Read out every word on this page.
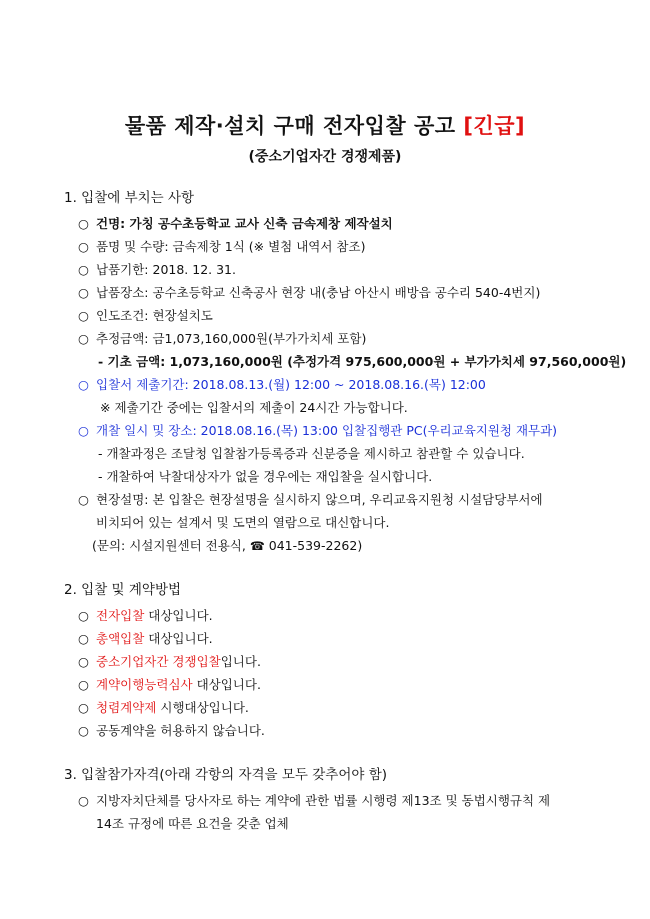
물품 제작·설치 구매 전자입찰 공고 [긴급]
(중소기업자간 경쟁제품)
1. 입찰에 부치는 사항
○ 건명: 가칭 공수초등학교 교사 신축 금속제창 제작설치
○ 품명 및 수량: 금속제창 1식 (※ 별첨 내역서 참조)
○ 납품기한: 2018. 12. 31.
○ 납품장소: 공수초등학교 신축공사 현장 내(충남 아산시 배방읍 공수리 540-4번지)
○ 인도조건: 현장설치도
○ 추정금액: 금1,073,160,000원(부가가치세 포함)
- 기초 금액: 1,073,160,000원 (추정가격 975,600,000원 + 부가가치세 97,560,000원)
○ 입찰서 제출기간: 2018.08.13.(월) 12:00 ~ 2018.08.16.(목) 12:00
※ 제출기간 중에는 입찰서의 제출이 24시간 가능합니다.
○ 개찰 일시 및 장소: 2018.08.16.(목) 13:00 입찰집행관 PC(우리교육지원청 재무과)
- 개찰과정은 조달청 입찰참가등록증과 신분증을 제시하고 참관할 수 있습니다.
- 개찰하여 낙찰대상자가 없을 경우에는 재입찰을 실시합니다.
○ 현장설명: 본 입찰은 현장설명을 실시하지 않으며, 우리교육지원청 시설담당부서에
비치되어 있는 설계서 및 도면의 열람으로 대신합니다.
(문의: 시설지원센터 전용식, ☎ 041-539-2262)
2. 입찰 및 계약방법
○ 전자입찰 대상입니다.
○ 총액입찰 대상입니다.
○ 중소기업자간 경쟁입찰입니다.
○ 계약이행능력심사 대상입니다.
○ 청렴계약제 시행대상입니다.
○ 공동계약을 허용하지 않습니다.
3. 입찰참가자격(아래 각항의 자격을 모두 갖추어야 함)
○ 지방자치단체를 당사자로 하는 계약에 관한 법률 시행령 제13조 및 동법시행규칙 제
14조 규정에 따른 요건을 갖춘 업체
